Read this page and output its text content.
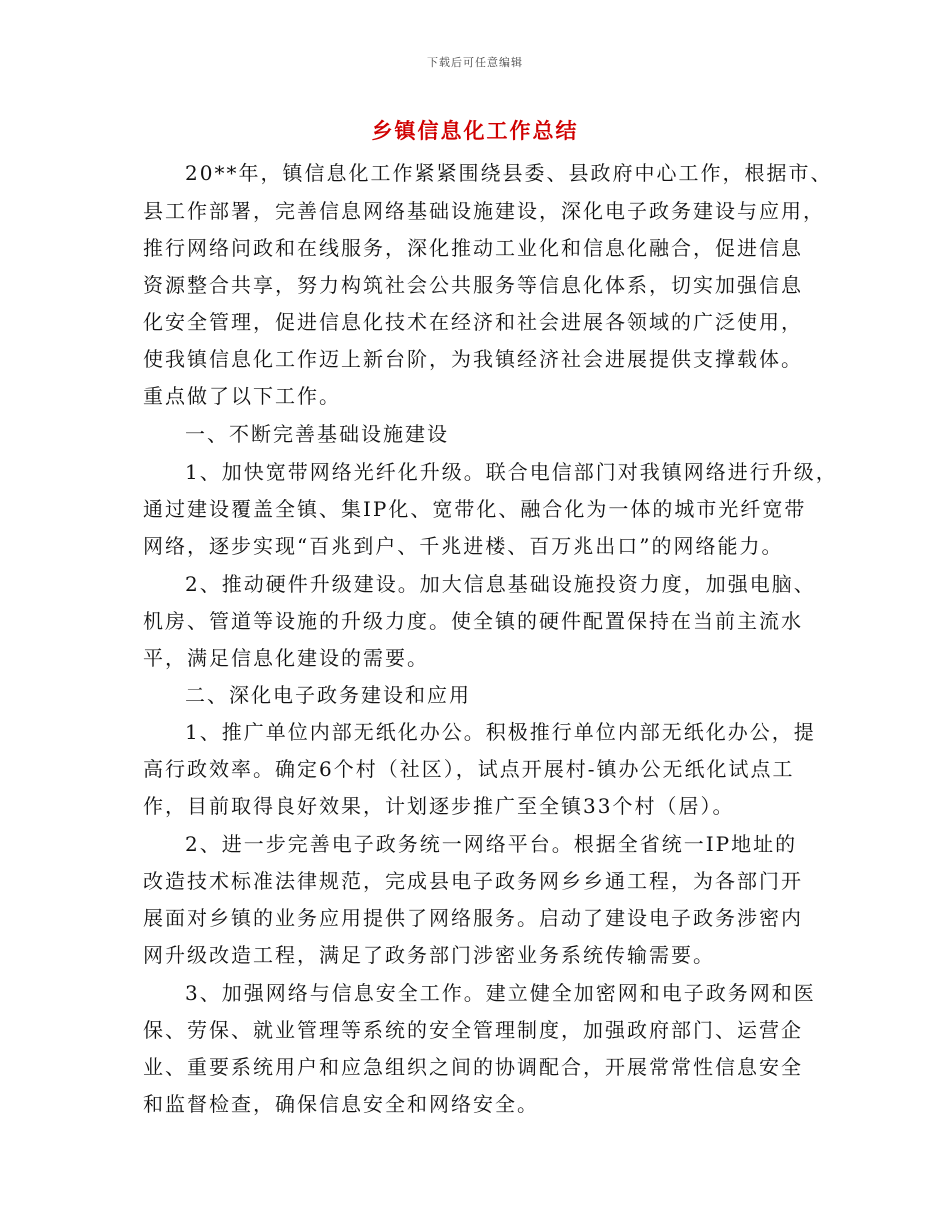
下载后可任意编辑
乡镇信息化工作总结
20**年，镇信息化工作紧紧围绕县委、县政府中心工作，根据市、
县工作部署，完善信息网络基础设施建设，深化电子政务建设与应用，
推行网络问政和在线服务，深化推动工业化和信息化融合，促进信息
资源整合共享，努力构筑社会公共服务等信息化体系，切实加强信息
化安全管理，促进信息化技术在经济和社会进展各领域的广泛使用，
使我镇信息化工作迈上新台阶，为我镇经济社会进展提供支撑载体。
重点做了以下工作。
一、不断完善基础设施建设
1、加快宽带网络光纤化升级。联合电信部门对我镇网络进行升级，
通过建设覆盖全镇、集IP化、宽带化、融合化为一体的城市光纤宽带
网络，逐步实现“百兆到户、千兆进楼、百万兆出口”的网络能力。
2、推动硬件升级建设。加大信息基础设施投资力度，加强电脑、
机房、管道等设施的升级力度。使全镇的硬件配置保持在当前主流水
平，满足信息化建设的需要。
二、深化电子政务建设和应用
1、推广单位内部无纸化办公。积极推行单位内部无纸化办公，提
高行政效率。确定6个村（社区），试点开展村-镇办公无纸化试点工
作，目前取得良好效果，计划逐步推广至全镇33个村（居）。
2、进一步完善电子政务统一网络平台。根据全省统一IP地址的
改造技术标准法律规范，完成县电子政务网乡乡通工程，为各部门开
展面对乡镇的业务应用提供了网络服务。启动了建设电子政务涉密内
网升级改造工程，满足了政务部门涉密业务系统传输需要。
3、加强网络与信息安全工作。建立健全加密网和电子政务网和医
保、劳保、就业管理等系统的安全管理制度，加强政府部门、运营企
业、重要系统用户和应急组织之间的协调配合，开展常常性信息安全
和监督检查，确保信息安全和网络安全。
